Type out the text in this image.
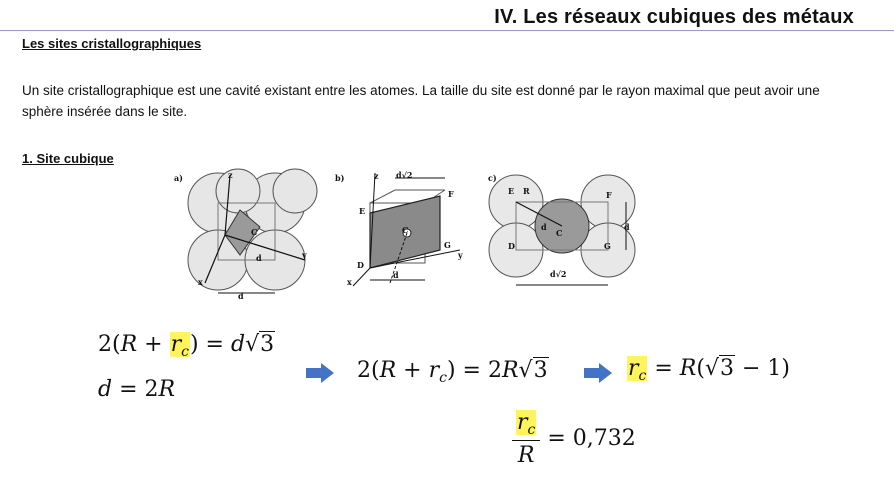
IV. Les réseaux cubiques des métaux
Les sites cristallographiques
Un site cristallographique est une cavité existant entre les atomes. La taille du site est donné par le rayon maximal que peut avoir une sphère insérée dans le site.
1. Site cubique
a)	z
C
d	y
x
d
b)	z d√2
F
E
C
G
y
D
x
d
c)
E R	F
d
C
D	G
d
d√2
$2(R + r_c) = d√3$
d = 2R
$2(R + r_c) = 2R√3$	$r_c = R(√3 - 1)$
$\frac{r_c}{R} = 0,732$
